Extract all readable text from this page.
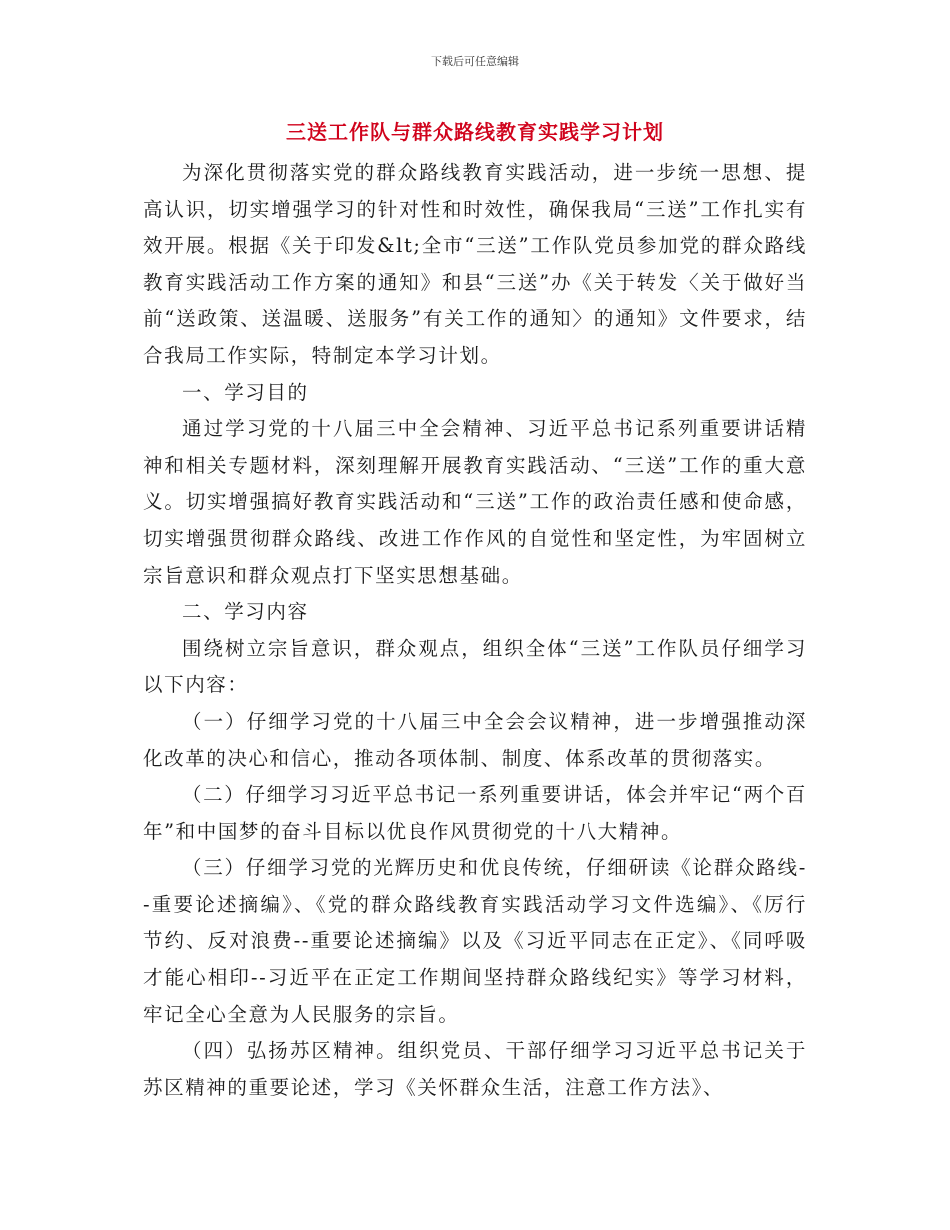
下载后可任意编辑
三送工作队与群众路线教育实践学习计划

为深化贯彻落实党的群众路线教育实践活动，进一步统一思想、提高认识，切实增强学习的针对性和时效性，确保我局“三送”工作扎实有效开展。根据《关于印发&lt;全市“三送”工作队党员参加党的群众路线教育实践活动工作方案的通知》和县“三送”办《关于转发〈关于做好当前“送政策、送温暖、送服务”有关工作的通知〉的通知》文件要求，结合我局工作实际，特制定本学习计划。

一、学习目的

通过学习党的十八届三中全会精神、习近平总书记系列重要讲话精神和相关专题材料，深刻理解开展教育实践活动、“三送”工作的重大意义。切实增强搞好教育实践活动和“三送”工作的政治责任感和使命感，切实增强贯彻群众路线、改进工作作风的自觉性和坚定性，为牢固树立宗旨意识和群众观点打下坚实思想基础。

二、学习内容

围绕树立宗旨意识，群众观点，组织全体“三送”工作队员仔细学习以下内容：

（一）仔细学习党的十八届三中全会会议精神，进一步增强推动深化改革的决心和信心，推动各项体制、制度、体系改革的贯彻落实。

（二）仔细学习习近平总书记一系列重要讲话，体会并牢记“两个百年”和中国梦的奋斗目标以优良作风贯彻党的十八大精神。

（三）仔细学习党的光辉历史和优良传统，仔细研读《论群众路线--重要论述摘编》、《党的群众路线教育实践活动学习文件选编》、《厉行节约、反对浪费--重要论述摘编》以及《习近平同志在正定》、《同呼吸才能心相印--习近平在正定工作期间坚持群众路线纪实》等学习材料，牢记全心全意为人民服务的宗旨。

（四）弘扬苏区精神。组织党员、干部仔细学习习近平总书记关于苏区精神的重要论述，学习《关怀群众生活，注意工作方法》、
